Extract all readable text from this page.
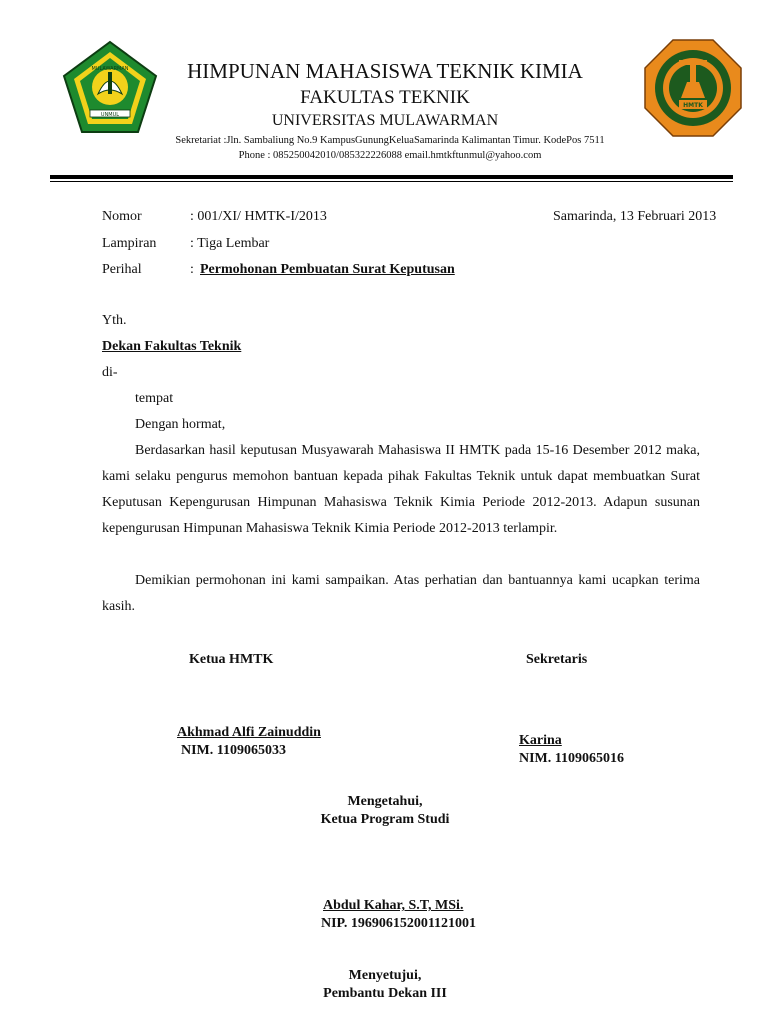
MULAWARMAN
UNMUL
HMTK
HIMPUNAN MAHASISWA TEKNIK KIMIA
FAKULTAS TEKNIK
UNIVERSITAS MULAWARMAN
Sekretariat :Jln. Sambaliung No.9 KampusGunungKeluaSamarinda Kalimantan Timur. KodePos 7511
Phone : 085250042010/085322226088 email.hmtkftunmul@yahoo.com
Nomor	: 001/XI/ HMTK-I/2013	Samarinda, 13 Februari 2013
Lampiran : Tiga Lembar
Perihal	: Permohonan Pembuatan Surat Keputusan
Yth.
Dekan Fakultas Teknik
di-
tempat
Dengan hormat,

Berdasarkan hasil keputusan Musyawarah Mahasiswa II HMTK pada 15-16 Desember 2012 maka, kami selaku pengurus memohon bantuan kepada pihak Fakultas Teknik untuk dapat membuatkan Surat Keputusan Kepengurusan Himpunan Mahasiswa Teknik Kimia Periode 2012-2013. Adapun susunan kepengurusan Himpunan Mahasiswa Teknik Kimia Periode 2012-2013 terlampir.

Demikian permohonan ini kami sampaikan. Atas perhatian dan bantuannya kami ucapkan terima kasih.

Ketua HMTK	Sekretaris
Akhmad Alfi Zainuddin
NIM. 1109065033
Karina
NIM. 1109065016
Mengetahui,
Ketua Program Studi
Abdul Kahar, S.T, MSi.
NIP. 196906152001121001
Menyetujui,
Pembantu Dekan III
